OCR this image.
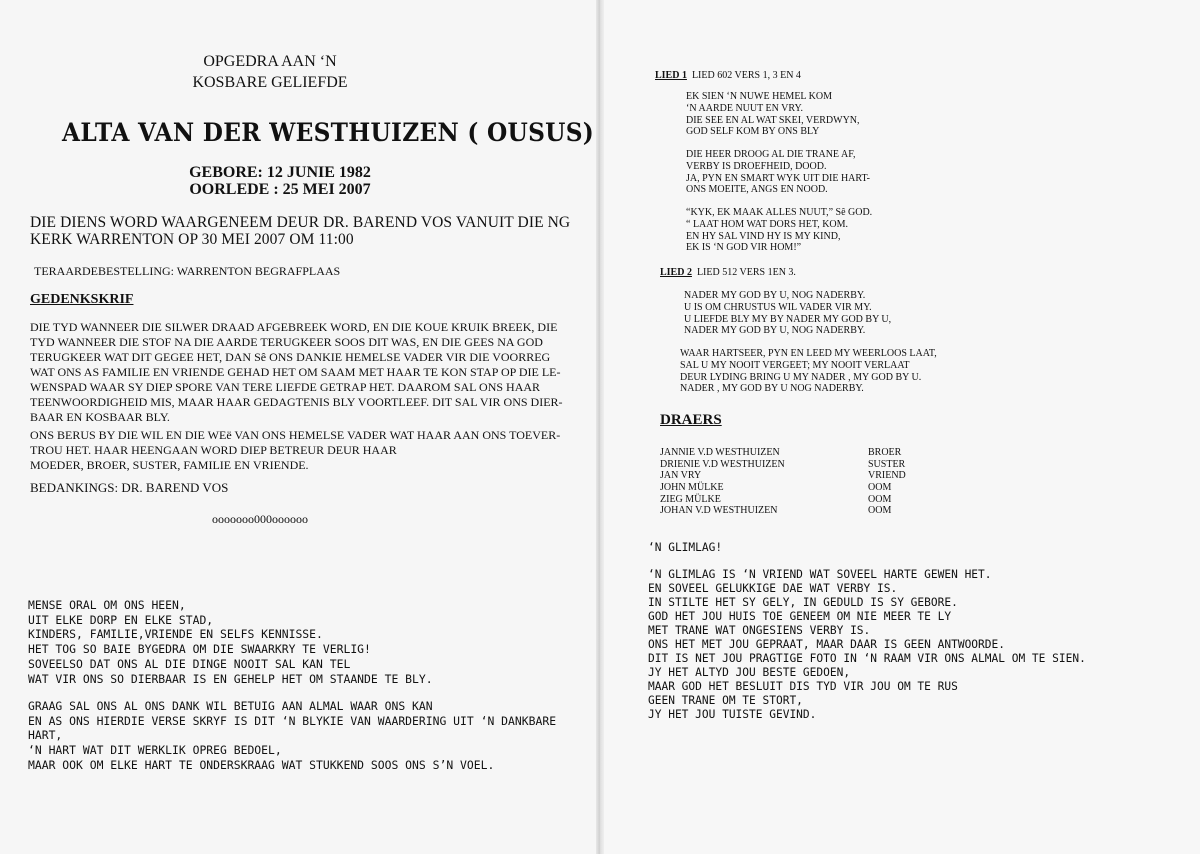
OPGEDRA AAN ‘N
KOSBARE GELIEFDE
ALTA VAN DER WESTHUIZEN ( OUSUS)
GEBORE: 12 JUNIE 1982
OORLEDE : 25 MEI 2007
DIE DIENS WORD WAARGENEEM DEUR DR. BAREND VOS VANUIT DIE NG
KERK WARRENTON OP 30 MEI 2007 OM 11:00
TERAARDEBESTELLING: WARRENTON BEGRAFPLAAS
GEDENKSKRIF
DIE TYD WANNEER DIE SILWER DRAAD AFGEBREEK WORD, EN DIE KOUE KRUIK BREEK, DIE
TYD WANNEER DIE STOF NA DIE AARDE TERUGKEER SOOS DIT WAS, EN DIE GEES NA GOD
TERUGKEER WAT DIT GEGEE HET, DAN Sê ONS DANKIE HEMELSE VADER VIR DIE VOORREG
WAT ONS AS FAMILIE EN VRIENDE GEHAD HET OM SAAM MET HAAR TE KON STAP OP DIE LE-
WENSPAD WAAR SY DIEP SPORE VAN TERE LIEFDE GETRAP HET. DAAROM SAL ONS HAAR
TEENWOORDIGHEID MIS, MAAR HAAR GEDAGTENIS BLY VOORTLEEF. DIT SAL VIR ONS DIER-
BAAR EN KOSBAAR BLY.
ONS BERUS BY DIE WIL EN DIE WEë VAN ONS HEMELSE VADER WAT HAAR AAN ONS TOEVER-
TROU HET. HAAR HEENGAAN WORD DIEP BETREUR DEUR HAAR
MOEDER, BROER, SUSTER, FAMILIE EN VRIENDE.
BEDANKINGS: DR. BAREND VOS
ooooooo000oooooo
MENSE ORAL OM ONS HEEN,
UIT ELKE DORP EN ELKE STAD,
KINDERS, FAMILIE,VRIENDE EN SELFS KENNISSE.
HET TOG SO BAIE BYGEDRA OM DIE SWAARKRY TE VERLIG!
SOVEELSO DAT ONS AL DIE DINGE NOOIT SAL KAN TEL
WAT VIR ONS SO DIERBAAR IS EN GEHELP HET OM STAANDE TE BLY.
GRAAG SAL ONS AL ONS DANK WIL BETUIG AAN ALMAL WAAR ONS KAN
EN AS ONS HIERDIE VERSE SKRYF IS DIT ‘N BLYKIE VAN WAARDERING UIT ‘N DANKBARE
HART,
‘N HART WAT DIT WERKLIK OPREG BEDOEL,
MAAR OOK OM ELKE HART TE ONDERSKRAAG WAT STUKKEND SOOS ONS S’N VOEL.
LIED 1 LIED 602 VERS 1, 3 EN 4
EK SIEN ‘N NUWE HEMEL KOM
‘N AARDE NUUT EN VRY.
DIE SEE EN AL WAT SKEI, VERDWYN,
GOD SELF KOM BY ONS BLY
DIE HEER DROOG AL DIE TRANE AF,
VERBY IS DROEFHEID, DOOD.
JA, PYN EN SMART WYK UIT DIE HART-
ONS MOEITE, ANGS EN NOOD.
“KYK, EK MAAK ALLES NUUT,” Sê GOD.
“ LAAT HOM WAT DORS HET, KOM.
EN HY SAL VIND HY IS MY KIND,
EK IS ‘N GOD VIR HOM!”
LIED 2 LIED 512 VERS 1EN 3.
NADER MY GOD BY U, NOG NADERBY.
U IS OM CHRUSTUS WIL VADER VIR MY.
U LIEFDE BLY MY BY NADER MY GOD BY U,
NADER MY GOD BY U, NOG NADERBY.
WAAR HARTSEER, PYN EN LEED MY WEERLOOS LAAT,
SAL U MY NOOIT VERGEET; MY NOOIT VERLAAT
DEUR LYDING BRING U MY NADER , MY GOD BY U.
NADER , MY GOD BY U NOG NADERBY.
DRAERS
JANNIE V.D WESTHUIZEN	BROER
DRIENIE V.D WESTHUIZEN	SUSTER
JAN VRY	VRIEND
JOHN MÜLKE	OOM
ZIEG MÜLKE	OOM
JOHAN V.D WESTHUIZEN	OOM
‘N GLIMLAG!
‘N GLIMLAG IS ‘N VRIEND WAT SOVEEL HARTE GEWEN HET.
EN SOVEEL GELUKKIGE DAE WAT VERBY IS.
IN STILTE HET SY GELY, IN GEDULD IS SY GEBORE.
GOD HET JOU HUIS TOE GENEEM OM NIE MEER TE LY
MET TRANE WAT ONGESIENS VERBY IS.
ONS HET MET JOU GEPRAAT, MAAR DAAR IS GEEN ANTWOORDE.
DIT IS NET JOU PRAGTIGE FOTO IN ‘N RAAM VIR ONS ALMAL OM TE SIEN.
JY HET ALTYD JOU BESTE GEDOEN,
MAAR GOD HET BESLUIT DIS TYD VIR JOU OM TE RUS
GEEN TRANE OM TE STORT,
JY HET JOU TUISTE GEVIND.
